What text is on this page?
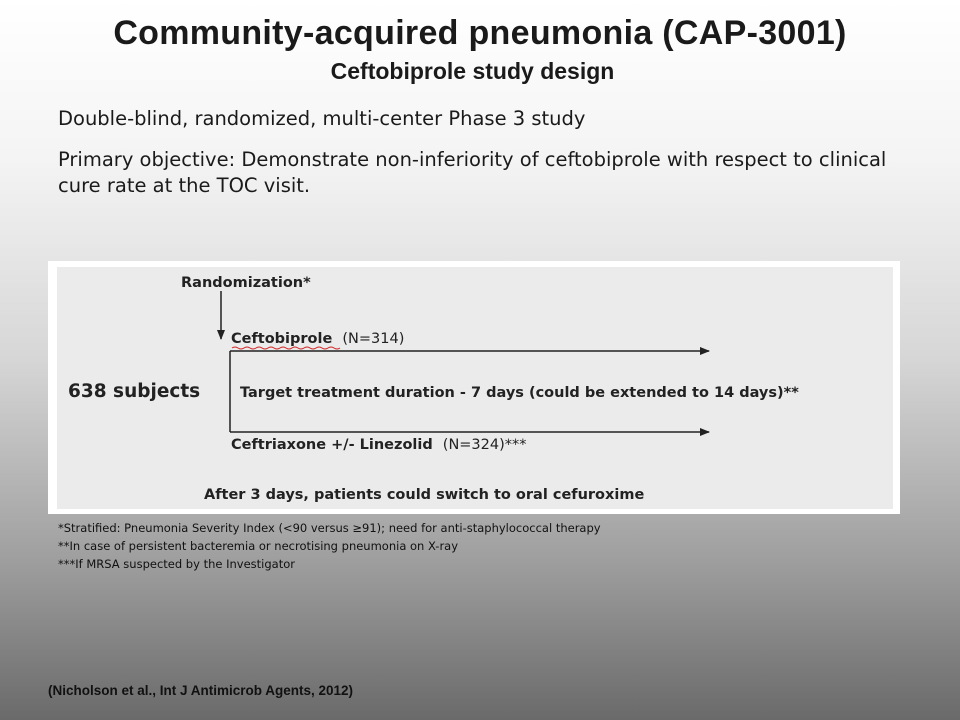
Community-acquired pneumonia (CAP-3001)
Ceftobiprole study design
Double-blind, randomized, multi-center Phase 3 study
Primary objective: Demonstrate non-inferiority of ceftobiprole with respect to clinical cure rate at the TOC visit.
Randomization*
Ceftobiprole (N=314)
638 subjects	Target treatment duration - 7 days (could be extended to 14 days)**
Ceftriaxone +/- Linezolid (N=324)***
After 3 days, patients could switch to oral cefuroxime
*Stratified: Pneumonia Severity Index (<90 versus ≥91); need for anti-staphylococcal therapy
**In case of persistent bacteremia or necrotising pneumonia on X-ray
***If MRSA suspected by the Investigator
(Nicholson et al., Int J Antimicrob Agents, 2012)
